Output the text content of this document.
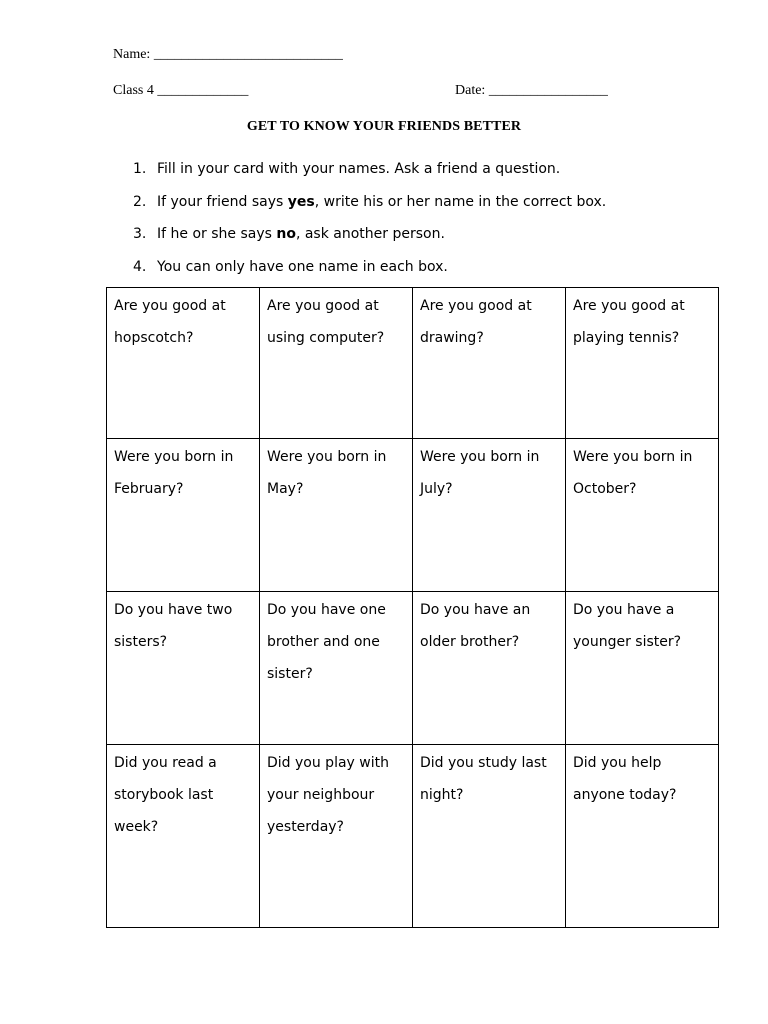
Name: ___________________________
Class 4 _____________	Date: _________________
GET TO KNOW YOUR FRIENDS BETTER
1. Fill in your card with your names. Ask a friend a question.
2. If your friend says yes, write his or her name in the correct box.
3. If he or she says no, ask another person.
4. You can only have one name in each box.
Are you good at hopscotch?	Are you good at using computer?	Are you good at drawing?	Are you good at playing tennis?
Were you born in February?	Were you born in May?	Were you born in July?	Were you born in October?
Do you have two sisters?	Do you have one brother and one sister?	Do you have an older brother?	Do you have a younger sister?
Did you read a storybook last week?	Did you play with your neighbour yesterday?	Did you study last night?	Did you help anyone today?
